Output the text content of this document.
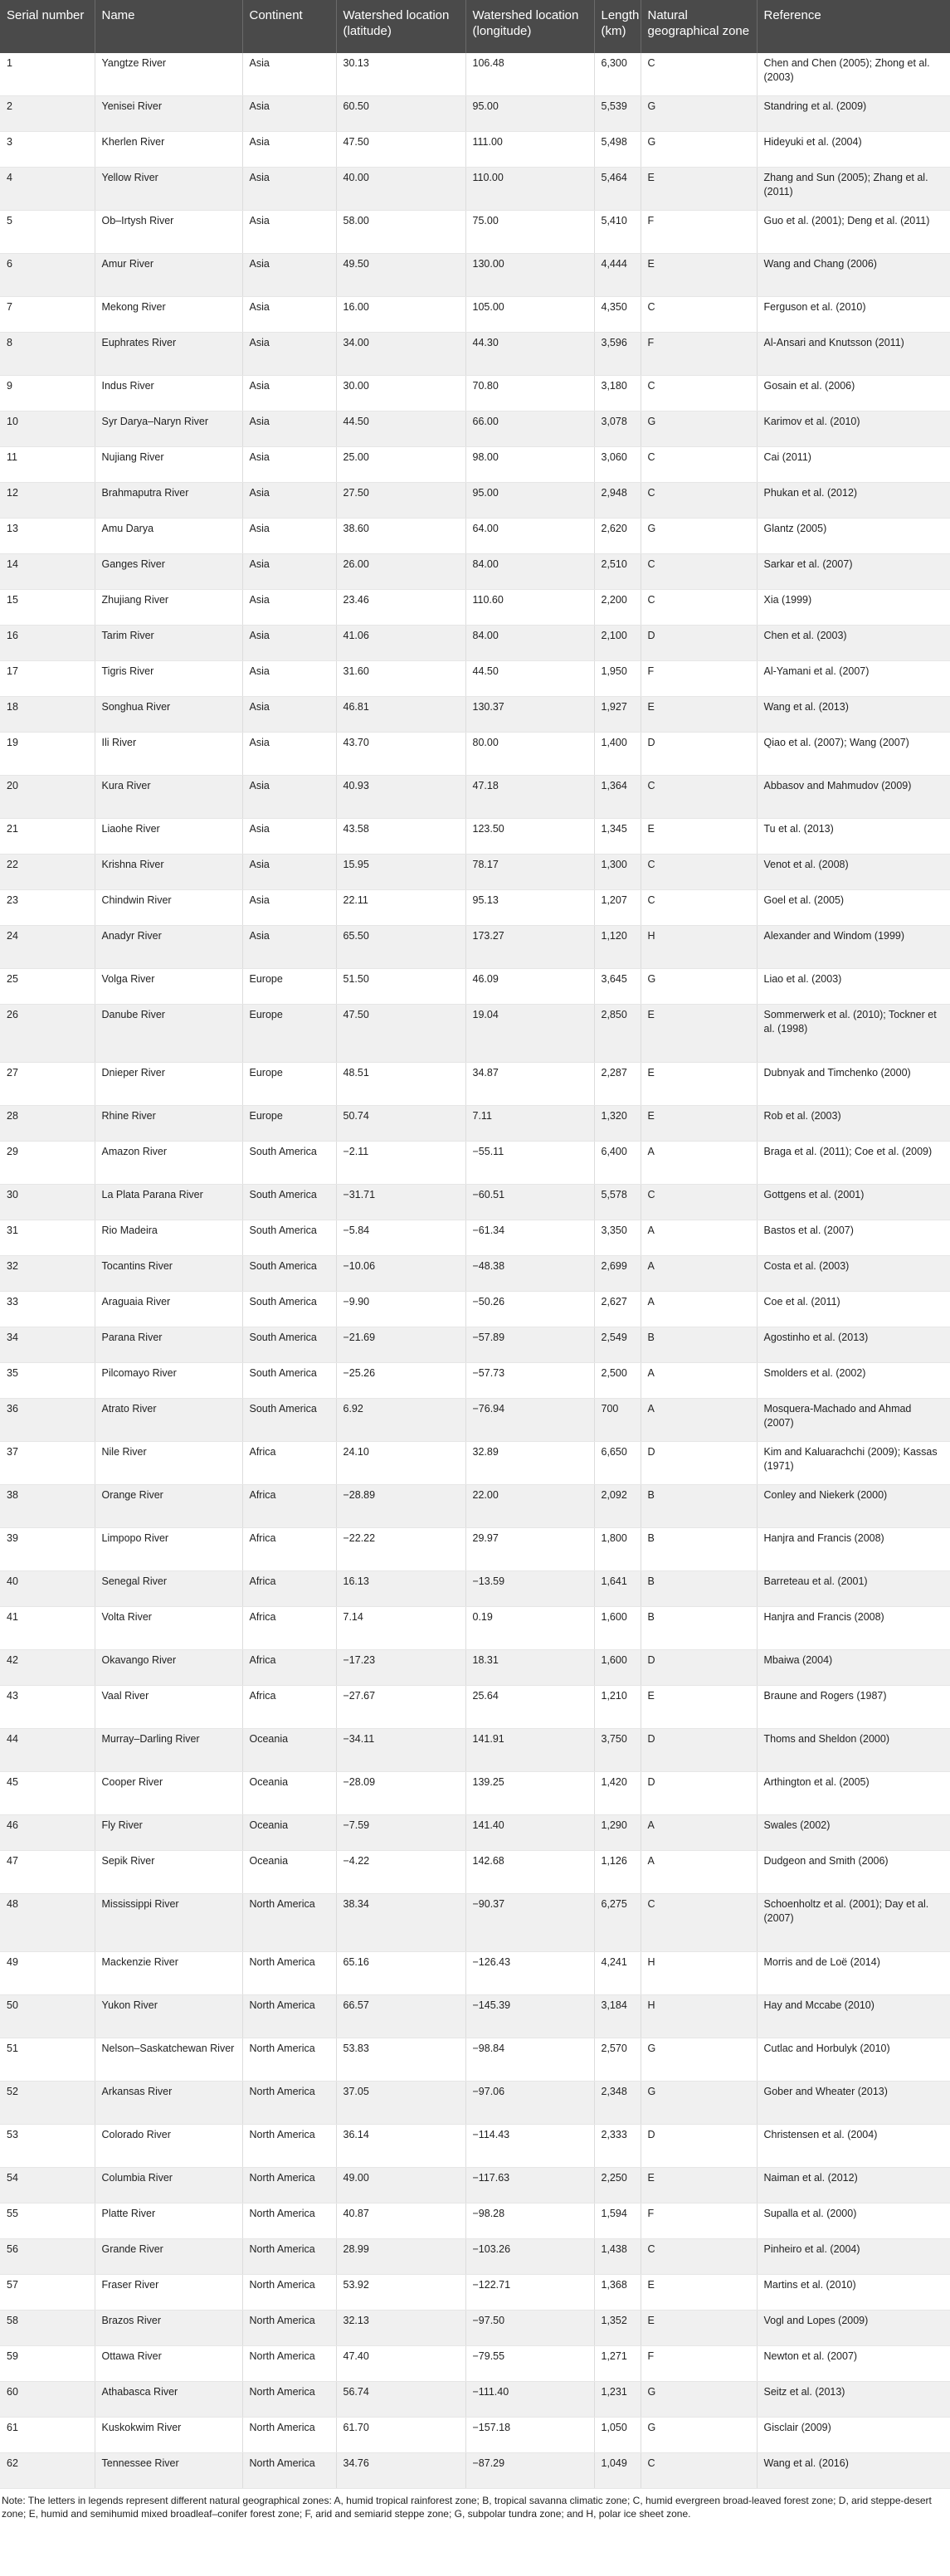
Serial number	Name	Continent	Watershed location (latitude)	Watershed location (longitude)	Length (km)	Natural geographical zone	Reference
1	Yangtze River	Asia	30.13	106.48	6,300	C	Chen and Chen (2005); Zhong et al. (2003)
2	Yenisei River	Asia	60.50	95.00	5,539	G	Standring et al. (2009)
3	Kherlen River	Asia	47.50	111.00	5,498	G	Hideyuki et al. (2004)
4	Yellow River	Asia	40.00	110.00	5,464	E	Zhang and Sun (2005); Zhang et al. (2011)
5	Ob–Irtysh River	Asia	58.00	75.00	5,410	F	Guo et al. (2001); Deng et al. (2011)
6	Amur River	Asia	49.50	130.00	4,444	E	Wang and Chang (2006)
7	Mekong River	Asia	16.00	105.00	4,350	C	Ferguson et al. (2010)
8	Euphrates River	Asia	34.00	44.30	3,596	F	Al-Ansari and Knutsson (2011)
9	Indus River	Asia	30.00	70.80	3,180	C	Gosain et al. (2006)
10	Syr Darya–Naryn River	Asia	44.50	66.00	3,078	G	Karimov et al. (2010)
11	Nujiang River	Asia	25.00	98.00	3,060	C	Cai (2011)
12	Brahmaputra River	Asia	27.50	95.00	2,948	C	Phukan et al. (2012)
13	Amu Darya	Asia	38.60	64.00	2,620	G	Glantz (2005)
14	Ganges River	Asia	26.00	84.00	2,510	C	Sarkar et al. (2007)
15	Zhujiang River	Asia	23.46	110.60	2,200	C	Xia (1999)
16	Tarim River	Asia	41.06	84.00	2,100	D	Chen et al. (2003)
17	Tigris River	Asia	31.60	44.50	1,950	F	Al-Yamani et al. (2007)
18	Songhua River	Asia	46.81	130.37	1,927	E	Wang et al. (2013)
19	Ili River	Asia	43.70	80.00	1,400	D	Qiao et al. (2007); Wang (2007)
20	Kura River	Asia	40.93	47.18	1,364	C	Abbasov and Mahmudov (2009)
21	Liaohe River	Asia	43.58	123.50	1,345	E	Tu et al. (2013)
22	Krishna River	Asia	15.95	78.17	1,300	C	Venot et al. (2008)
23	Chindwin River	Asia	22.11	95.13	1,207	C	Goel et al. (2005)
24	Anadyr River	Asia	65.50	173.27	1,120	H	Alexander and Windom (1999)
25	Volga River	Europe	51.50	46.09	3,645	G	Liao et al. (2003)
26	Danube River	Europe	47.50	19.04	2,850	E	Sommerwerk et al. (2010); Tockner et al. (1998)
27	Dnieper River	Europe	48.51	34.87	2,287	E	Dubnyak and Timchenko (2000)
28	Rhine River	Europe	50.74	7.11	1,320	E	Rob et al. (2003)
29	Amazon River	South America	−2.11	−55.11	6,400	A	Braga et al. (2011); Coe et al. (2009)
30	La Plata Parana River	South America	−31.71	−60.51	5,578	C	Gottgens et al. (2001)
31	Rio Madeira	South America	−5.84	−61.34	3,350	A	Bastos et al. (2007)
32	Tocantins River	South America	−10.06	−48.38	2,699	A	Costa et al. (2003)
33	Araguaia River	South America	−9.90	−50.26	2,627	A	Coe et al. (2011)
34	Parana River	South America	−21.69	−57.89	2,549	B	Agostinho et al. (2013)
35	Pilcomayo River	South America	−25.26	−57.73	2,500	A	Smolders et al. (2002)
36	Atrato River	South America	6.92	−76.94	700	A	Mosquera-Machado and Ahmad (2007)
37	Nile River	Africa	24.10	32.89	6,650	D	Kim and Kaluarachchi (2009); Kassas (1971)
38	Orange River	Africa	−28.89	22.00	2,092	B	Conley and Niekerk (2000)
39	Limpopo River	Africa	−22.22	29.97	1,800	B	Hanjra and Francis (2008)
40	Senegal River	Africa	16.13	−13.59	1,641	B	Barreteau et al. (2001)
41	Volta River	Africa	7.14	0.19	1,600	B	Hanjra and Francis (2008)
42	Okavango River	Africa	−17.23	18.31	1,600	D	Mbaiwa (2004)
43	Vaal River	Africa	−27.67	25.64	1,210	E	Braune and Rogers (1987)
44	Murray–Darling River	Oceania	−34.11	141.91	3,750	D	Thoms and Sheldon (2000)
45	Cooper River	Oceania	−28.09	139.25	1,420	D	Arthington et al. (2005)
46	Fly River	Oceania	−7.59	141.40	1,290	A	Swales (2002)
47	Sepik River	Oceania	−4.22	142.68	1,126	A	Dudgeon and Smith (2006)
48	Mississippi River	North America	38.34	−90.37	6,275	C	Schoenholtz et al. (2001); Day et al. (2007)
49	Mackenzie River	North America	65.16	−126.43	4,241	H	Morris and de Loë (2014)
50	Yukon River	North America	66.57	−145.39	3,184	H	Hay and Mccabe (2010)
51	Nelson–Saskatchewan River	North America	53.83	−98.84	2,570	G	Cutlac and Horbulyk (2010)
52	Arkansas River	North America	37.05	−97.06	2,348	G	Gober and Wheater (2013)
53	Colorado River	North America	36.14	−114.43	2,333	D	Christensen et al. (2004)
54	Columbia River	North America	49.00	−117.63	2,250	E	Naiman et al. (2012)
55	Platte River	North America	40.87	−98.28	1,594	F	Supalla et al. (2000)
56	Grande River	North America	28.99	−103.26	1,438	C	Pinheiro et al. (2004)
57	Fraser River	North America	53.92	−122.71	1,368	E	Martins et al. (2010)
58	Brazos River	North America	32.13	−97.50	1,352	E	Vogl and Lopes (2009)
59	Ottawa River	North America	47.40	−79.55	1,271	F	Newton et al. (2007)
60	Athabasca River	North America	56.74	−111.40	1,231	G	Seitz et al. (2013)
61	Kuskokwim River	North America	61.70	−157.18	1,050	G	Gisclair (2009)
62	Tennessee River	North America	34.76	−87.29	1,049	C	Wang et al. (2016)
Note: The letters in legends represent different natural geographical zones: A, humid tropical rainforest zone; B, tropical savanna climatic zone; C, humid evergreen broad-leaved forest zone; D, arid steppe-desert zone; E, humid and semihumid mixed broadleaf–conifer forest zone; F, arid and semiarid steppe zone; G, subpolar tundra zone; and H, polar ice sheet zone.
